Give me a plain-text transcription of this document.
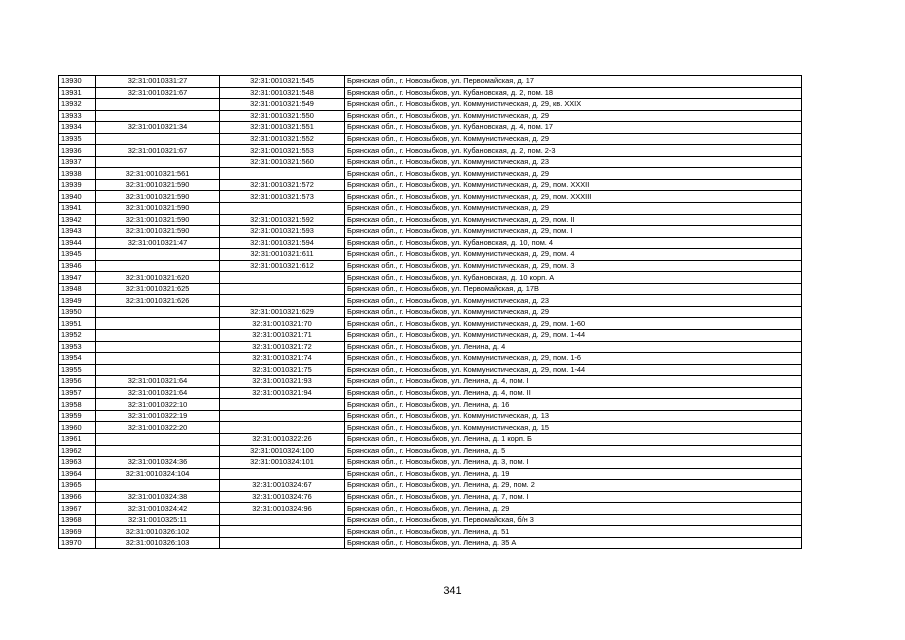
13930	32:31:0010331:27	32:31:0010321:545	Брянская обл., г. Новозыбков, ул. Первомайская, д. 17
13931	32:31:0010321:67	32:31:0010321:548	Брянская обл., г. Новозыбков, ул. Кубановская, д. 2, пом. 18
13932		32:31:0010321:549	Брянская обл., г. Новозыбков, ул. Коммунистическая, д. 29, кв. XXIX
13933		32:31:0010321:550	Брянская обл., г. Новозыбков, ул. Коммунистическая, д. 29
13934	32:31:0010321:34	32:31:0010321:551	Брянская обл., г. Новозыбков, ул. Кубановская, д. 4, пом. 17
13935		32:31:0010321:552	Брянская обл., г. Новозыбков, ул. Коммунистическая, д. 29
13936	32:31:0010321:67	32:31:0010321:553	Брянская обл., г. Новозыбков, ул. Кубановская, д. 2, пом. 2-3
13937		32:31:0010321:560	Брянская обл., г. Новозыбков, ул. Коммунистическая, д. 23
13938	32:31:0010321:561		Брянская обл., г. Новозыбков, ул. Коммунистическая, д. 29
13939	32:31:0010321:590	32:31:0010321:572	Брянская обл., г. Новозыбков, ул. Коммунистическая, д. 29, пом. XXXII
13940	32:31:0010321:590	32:31:0010321:573	Брянская обл., г. Новозыбков, ул. Коммунистическая, д. 29, пом. XXXIII
13941	32:31:0010321:590		Брянская обл., г. Новозыбков, ул. Коммунистическая, д. 29
13942	32:31:0010321:590	32:31:0010321:592	Брянская обл., г. Новозыбков, ул. Коммунистическая, д. 29, пом. II
13943	32:31:0010321:590	32:31:0010321:593	Брянская обл., г. Новозыбков, ул. Коммунистическая, д. 29, пом. I
13944	32:31:0010321:47	32:31:0010321:594	Брянская обл., г. Новозыбков, ул. Кубановская, д. 10, пом. 4
13945		32:31:0010321:611	Брянская обл., г. Новозыбков, ул. Коммунистическая, д. 29, пом. 4
13946		32:31:0010321:612	Брянская обл., г. Новозыбков, ул. Коммунистическая, д. 29, пом. 3
13947	32:31:0010321:620		Брянская обл., г. Новозыбков, ул. Кубановская, д. 10 корп. А
13948	32:31:0010321:625		Брянская обл., г. Новозыбков, ул. Первомайская, д. 17В
13949	32:31:0010321:626		Брянская обл., г. Новозыбков, ул. Коммунистическая, д. 23
13950		32:31:0010321:629	Брянская обл., г. Новозыбков, ул. Коммунистическая, д. 29
13951		32:31:0010321:70	Брянская обл., г. Новозыбков, ул. Коммунистическая, д. 29, пом. 1-60
13952		32:31:0010321:71	Брянская обл., г. Новозыбков, ул. Коммунистическая, д. 29, пом. 1-44
13953		32:31:0010321:72	Брянская обл., г. Новозыбков, ул. Ленина, д. 4
13954		32:31:0010321:74	Брянская обл., г. Новозыбков, ул. Коммунистическая, д. 29, пом. 1-6
13955		32:31:0010321:75	Брянская обл., г. Новозыбков, ул. Коммунистическая, д. 29, пом. 1-44
13956	32:31:0010321:64	32:31:0010321:93	Брянская обл., г. Новозыбков, ул. Ленина, д. 4, пом. I
13957	32:31:0010321:64	32:31:0010321:94	Брянская обл., г. Новозыбков, ул. Ленина, д. 4, пом. II
13958	32:31:0010322:10		Брянская обл., г. Новозыбков, ул. Ленина, д. 16
13959	32:31:0010322:19		Брянская обл., г. Новозыбков, ул. Коммунистическая, д. 13
13960	32:31:0010322:20		Брянская обл., г. Новозыбков, ул. Коммунистическая, д. 15
13961		32:31:0010322:26	Брянская обл., г. Новозыбков, ул. Ленина, д. 1 корп. Б
13962		32:31:0010324:100	Брянская обл., г. Новозыбков, ул. Ленина, д. 5
13963	32:31:0010324:36	32:31:0010324:101	Брянская обл., г. Новозыбков, ул. Ленина, д. 3, пом. I
13964	32:31:0010324:104		Брянская обл., г. Новозыбков, ул. Ленина, д. 19
13965		32:31:0010324:67	Брянская обл., г. Новозыбков, ул. Ленина, д. 29, пом. 2
13966	32:31:0010324:38	32:31:0010324:76	Брянская обл., г. Новозыбков, ул. Ленина, д. 7, пом. I
13967	32:31:0010324:42	32:31:0010324:96	Брянская обл., г. Новозыбков, ул. Ленина, д. 29
13968	32:31:0010325:11		Брянская обл., г. Новозыбков, ул. Первомайская, б/н 3
13969	32:31:0010326:102		Брянская обл., г. Новозыбков, ул. Ленина, д. 51
13970	32:31:0010326:103		Брянская обл., г. Новозыбков, ул. Ленина, д. 35 А
341
